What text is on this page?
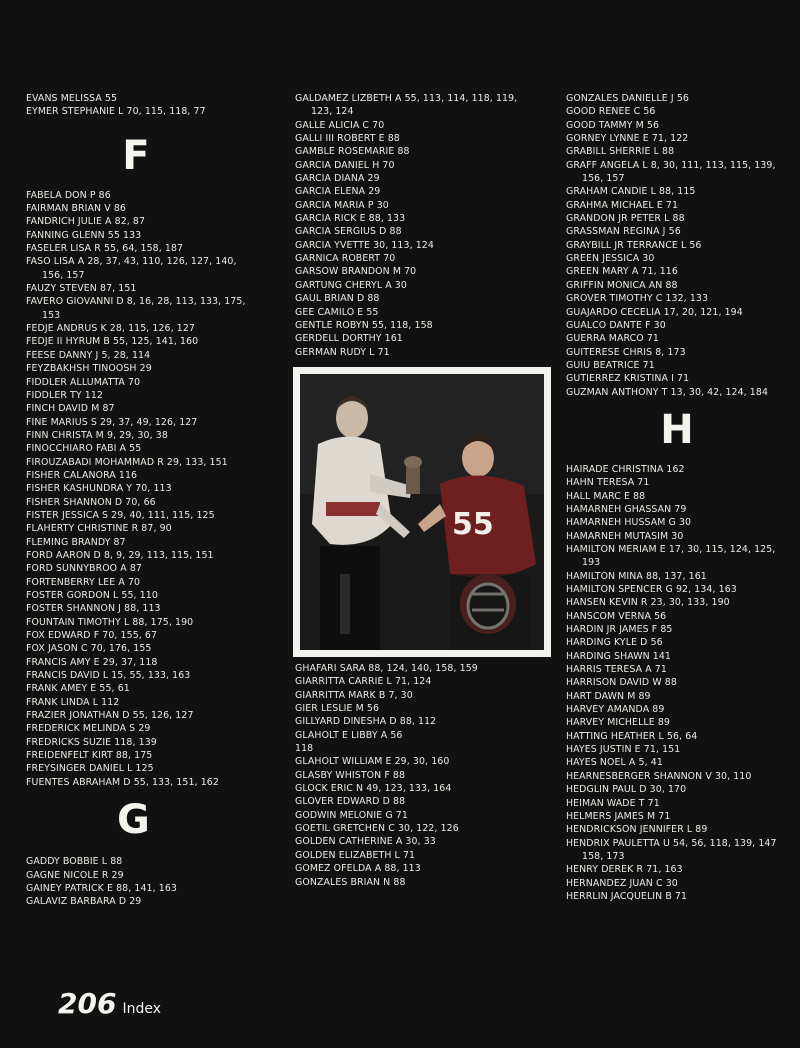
EVANS MELISSA 55
EYMER STEPHANIE L 70, 115, 118, 77
F
FABELA DON P 86
FAIRMAN BRIAN V 86
FANDRICH JULIE A 82, 87
FANNING GLENN 55 133
FASELER LISA R 55, 64, 158, 187
FASO LISA A 28, 37, 43, 110, 126, 127, 140,
156, 157
FAUZY STEVEN 87, 151
FAVERO GIOVANNI D 8, 16, 28, 113, 133, 175,
153
FEDJE ANDRUS K 28, 115, 126, 127
FEDJE II HYRUM B 55, 125, 141, 160
FEESE DANNY J 5, 28, 114
FEYZBAKHSH TINOOSH 29
FIDDLER ALLUMATTA 70
FIDDLER TY 112
FINCH DAVID M 87
FINE MARIUS S 29, 37, 49, 126, 127
FINN CHRISTA M 9, 29, 30, 38
FINOCCHIARO FABI A 55
FIROUZABADI MOHAMMAD R 29, 133, 151
FISHER CALANORA 116
FISHER KASHUNDRA Y 70, 113
FISHER SHANNON D 70, 66
FISTER JESSICA S 29, 40, 111, 115, 125
FLAHERTY CHRISTINE R 87, 90
FLEMING BRANDY 87
FORD AARON D 8, 9, 29, 113, 115, 151
FORD SUNNYBROO A 87
FORTENBERRY LEE A 70
FOSTER GORDON L 55, 110
FOSTER SHANNON J 88, 113
FOUNTAIN TIMOTHY L 88, 175, 190
FOX EDWARD F 70, 155, 67
FOX JASON C 70, 176, 155
FRANCIS AMY E 29, 37, 118
FRANCIS DAVID L 15, 55, 133, 163
FRANK AMEY E 55, 61
FRANK LINDA L 112
FRAZIER JONATHAN D 55, 126, 127
FREDERICK MELINDA S 29
FREDRICKS SUZIE 118, 139
FREIDENFELT KIRT 88, 175
FREYSINGER DANIEL L 125
FUENTES ABRAHAM D 55, 133, 151, 162
G
GADDY BOBBIE L 88
GAGNE NICOLE R 29
GAINEY PATRICK E 88, 141, 163
GALAVIZ BARBARA D 29
GALDAMEZ LIZBETH A 55, 113, 114, 118, 119,
123, 124
GALLE ALICIA C 70
GALLI III ROBERT E 88
GAMBLE ROSEMARIE 88
GARCIA DANIEL H 70
GARCIA DIANA 29
GARCIA ELENA 29
GARCIA MARIA P 30
GARCIA RICK E 88, 133
GARCIA SERGIUS D 88
GARCIA YVETTE 30, 113, 124
GARNICA ROBERT 70
GARSOW BRANDON M 70
GARTUNG CHERYL A 30
GAUL BRIAN D 88
GEE CAMILO E 55
GENTLE ROBYN 55, 118, 158
GERDELL DORTHY 161
GERMAN RUDY L 71
55
GHAFARI SARA 88, 124, 140, 158, 159
GIARRITTA CARRIE L 71, 124
GIARRITTA MARK B 7, 30
GIER LESLIE M 56
GILLYARD DINESHA D 88, 112
GLAHOLT E LIBBY A 56
118
GLAHOLT WILLIAM E 29, 30, 160
GLASBY WHISTON F 88
GLOCK ERIC N 49, 123, 133, 164
GLOVER EDWARD D 88
GODWIN MELONIE G 71
GOETIL GRETCHEN C 30, 122, 126
GOLDEN CATHERINE A 30, 33
GOLDEN ELIZABETH L 71
GOMEZ OFELDA A 88, 113
GONZALES BRIAN N 88
GONZALES DANIELLE J 56
GOOD RENEE C 56
GOOD TAMMY M 56
GORNEY LYNNE E 71, 122
GRABILL SHERRIE L 88
GRAFF ANGELA L 8, 30, 111, 113, 115, 139,
156, 157
GRAHAM CANDIE L 88, 115
GRAHMA MICHAEL E 71
GRANDON JR PETER L 88
GRASSMAN REGINA J 56
GRAYBILL JR TERRANCE L 56
GREEN JESSICA 30
GREEN MARY A 71, 116
GRIFFIN MONICA AN 88
GROVER TIMOTHY C 132, 133
GUAJARDO CECELIA 17, 20, 121, 194
GUALCO DANTE F 30
GUERRA MARCO 71
GUITERESE CHRIS 8, 173
GUIU BEATRICE 71
GUTIERREZ KRISTINA I 71
GUZMAN ANTHONY T 13, 30, 42, 124, 184
H
HAIRADE CHRISTINA 162
HAHN TERESA 71
HALL MARC E 88
HAMARNEH GHASSAN 79
HAMARNEH HUSSAM G 30
HAMARNEH MUTASIM 30
HAMILTON MERIAM E 17, 30, 115, 124, 125,
193
HAMILTON MINA 88, 137, 161
HAMILTON SPENCER G 92, 134, 163
HANSEN KEVIN R 23, 30, 133, 190
HANSCOM VERNA 56
HARDIN JR JAMES F 85
HARDING KYLE D 56
HARDING SHAWN 141
HARRIS TERESA A 71
HARRISON DAVID W 88
HART DAWN M 89
HARVEY AMANDA 89
HARVEY MICHELLE 89
HATTING HEATHER L 56, 64
HAYES JUSTIN E 71, 151
HAYES NOEL A 5, 41
HEARNESBERGER SHANNON V 30, 110
HEDGLIN PAUL D 30, 170
HEIMAN WADE T 71
HELMERS JAMES M 71
HENDRICKSON JENNIFER L 89
HENDRIX PAULETTA U 54, 56, 118, 139, 147
158, 173
HENRY DEREK R 71, 163
HERNANDEZ JUAN C 30
HERRLIN JACQUELIN B 71
206 Index
